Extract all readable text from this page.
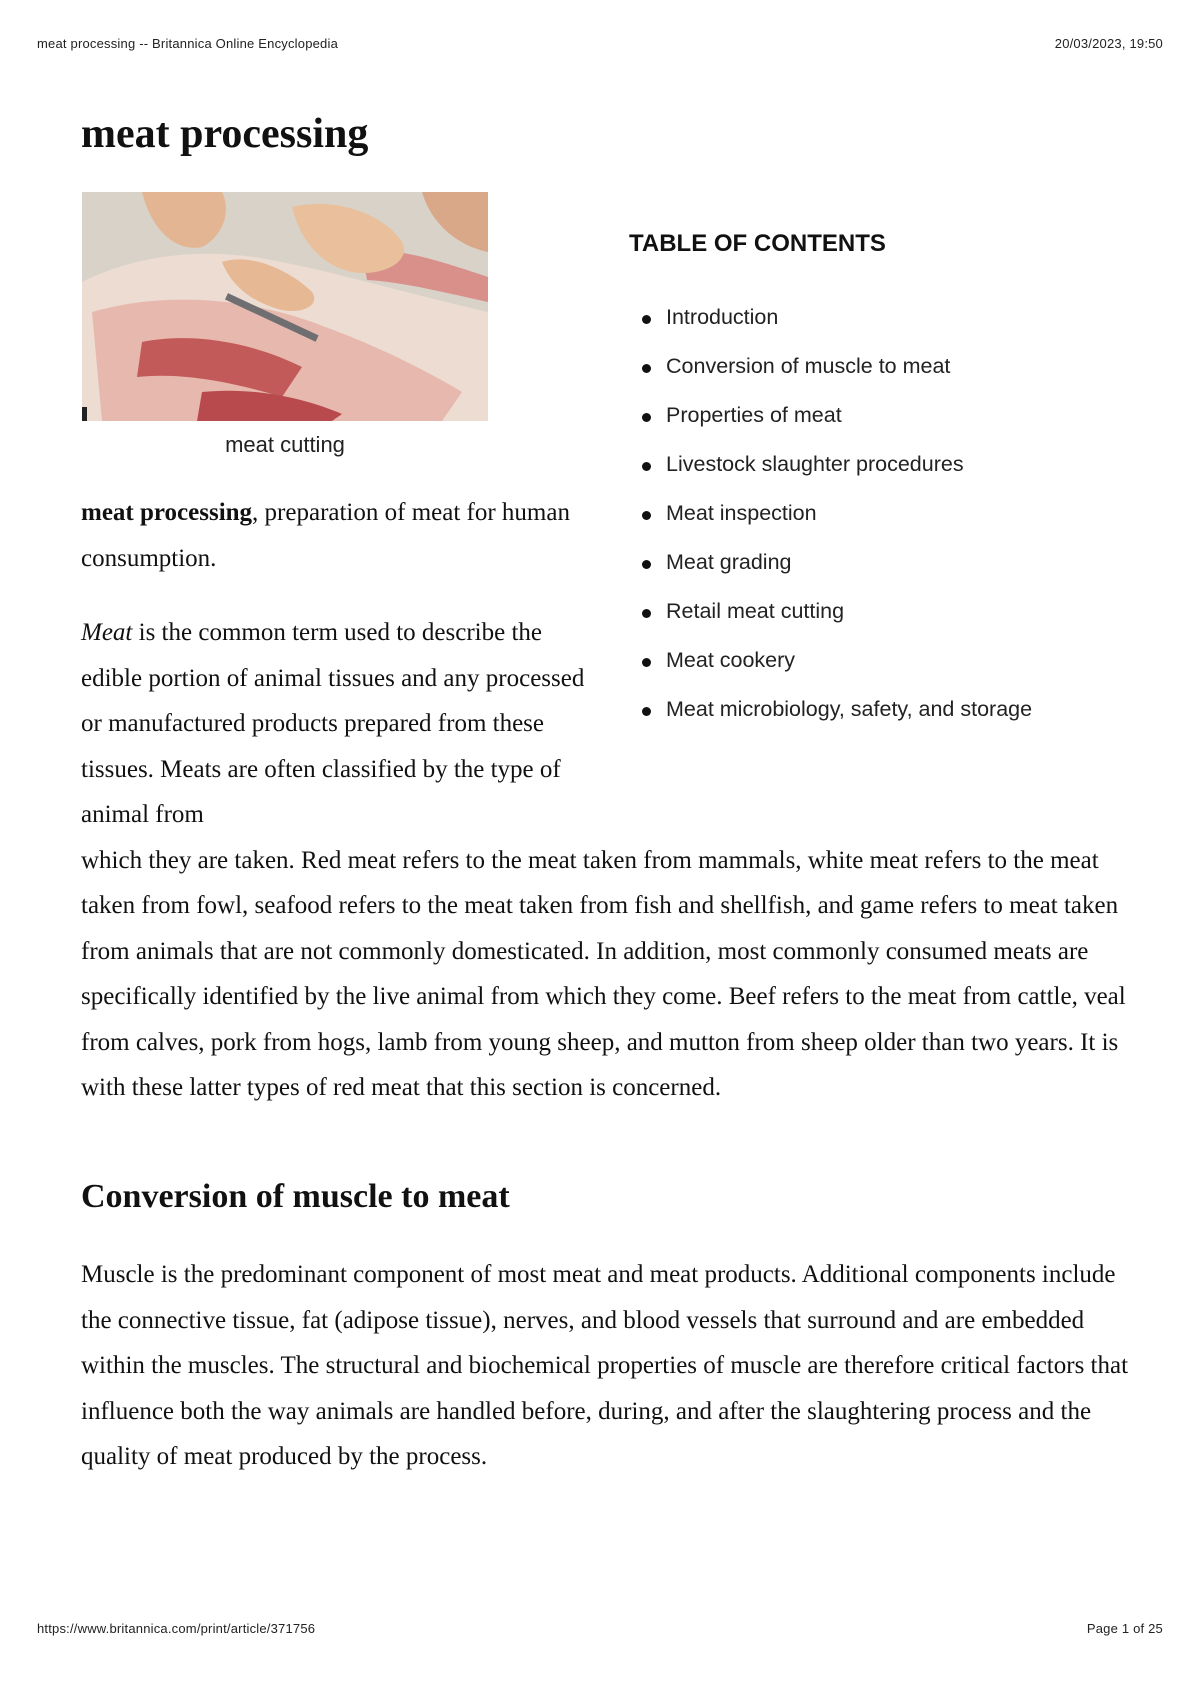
meat processing -- Britannica Online Encyclopedia	20/03/2023, 19:50
meat processing
meat cutting
TABLE OF CONTENTS
Introduction
Conversion of muscle to meat
Properties of meat
Livestock slaughter procedures
Meat inspection
Meat grading
Retail meat cutting
Meat cookery
Meat microbiology, safety, and storage

meat processing, preparation of meat for human consumption.

Meat is the common term used to describe the edible portion of animal tissues and any processed or manufactured products prepared from these tissues. Meats are often classified by the type of animal from
which they are taken. Red meat refers to the meat taken from mammals, white meat refers to the meat taken from fowl, seafood refers to the meat taken from fish and shellfish, and game refers to meat taken from animals that are not commonly domesticated. In addition, most commonly consumed meats are specifically identified by the live animal from which they come. Beef refers to the meat from cattle, veal from calves, pork from hogs, lamb from young sheep, and mutton from sheep older than two years. It is with these latter types of red meat that this section is concerned.

Conversion of muscle to meat

Muscle is the predominant component of most meat and meat products. Additional components include the connective tissue, fat (adipose tissue), nerves, and blood vessels that surround and are embedded within the muscles. The structural and biochemical properties of muscle are therefore critical factors that influence both the way animals are handled before, during, and after the slaughtering process and the quality of meat produced by the process.

https://www.britannica.com/print/article/371756	Page 1 of 25
